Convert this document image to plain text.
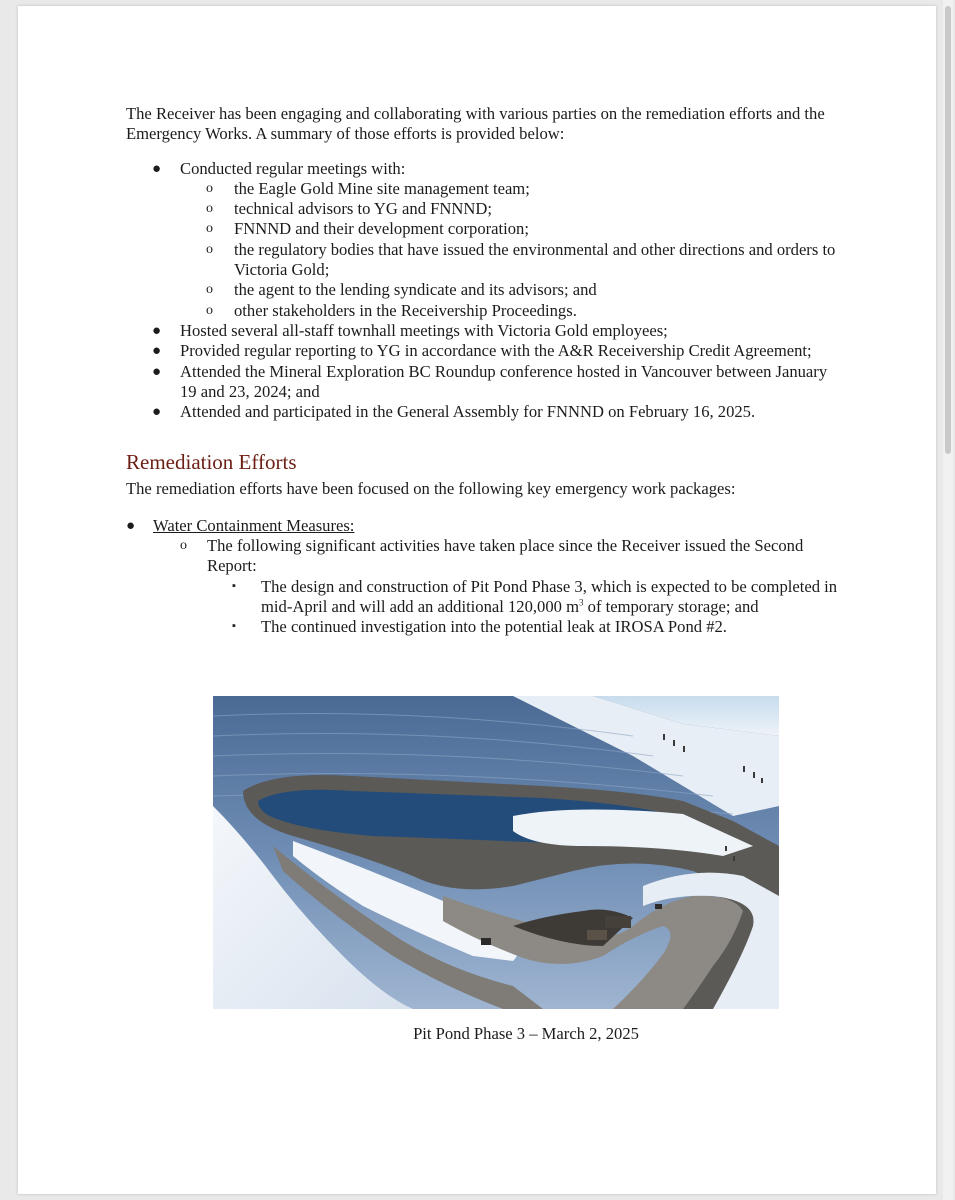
The Receiver has been engaging and collaborating with various parties on the remediation efforts and the Emergency Works. A summary of those efforts is provided below:

● Conducted regular meetings with:
o the Eagle Gold Mine site management team;
o technical advisors to YG and FNNND;
o FNNND and their development corporation;
o the regulatory bodies that have issued the environmental and other directions and orders to Victoria Gold;
o the agent to the lending syndicate and its advisors; and
o other stakeholders in the Receivership Proceedings.
● Hosted several all-staff townhall meetings with Victoria Gold employees;
● Provided regular reporting to YG in accordance with the A&R Receivership Credit Agreement;
● Attended the Mineral Exploration BC Roundup conference hosted in Vancouver between January 19 and 23, 2024; and
● Attended and participated in the General Assembly for FNNND on February 16, 2025.
Remediation Efforts

The remediation efforts have been focused on the following key emergency work packages:

● Water Containment Measures:
o The following significant activities have taken place since the Receiver issued the Second Report:
▪ The design and construction of Pit Pond Phase 3, which is expected to be completed in mid-April and will add an additional 120,000 $m^3$ of temporary storage; and
▪ The continued investigation into the potential leak at IROSA Pond #2.
Pit Pond Phase 3 – March 2, 2025
